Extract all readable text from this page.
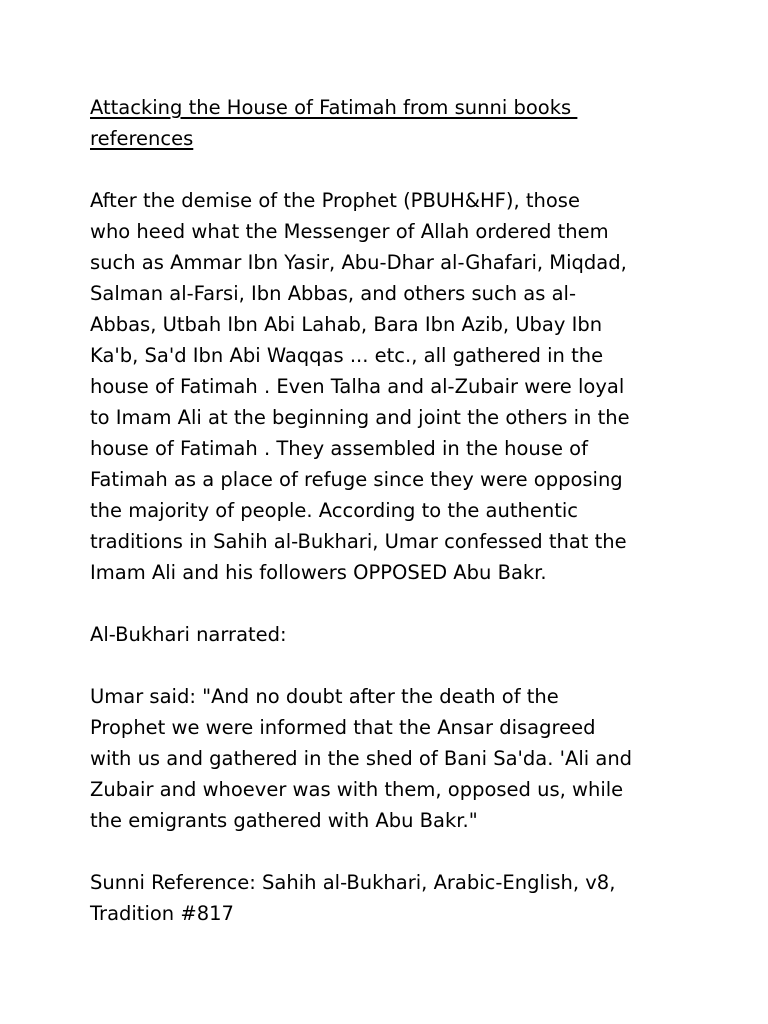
Attacking the House of Fatimah from sunni books
references

After the demise of the Prophet (PBUH&HF), those
who heed what the Messenger of Allah ordered them
such as Ammar Ibn Yasir, Abu-Dhar al-Ghafari, Miqdad,
Salman al-Farsi, Ibn Abbas, and others such as al-
Abbas, Utbah Ibn Abi Lahab, Bara Ibn Azib, Ubay Ibn
Ka'b, Sa'd Ibn Abi Waqqas ... etc., all gathered in the
house of Fatimah . Even Talha and al-Zubair were loyal
to Imam Ali at the beginning and joint the others in the
house of Fatimah . They assembled in the house of
Fatimah as a place of refuge since they were opposing
the majority of people. According to the authentic
traditions in Sahih al-Bukhari, Umar confessed that the
Imam Ali and his followers OPPOSED Abu Bakr.

Al-Bukhari narrated:

Umar said: "And no doubt after the death of the
Prophet we were informed that the Ansar disagreed
with us and gathered in the shed of Bani Sa'da. 'Ali and
Zubair and whoever was with them, opposed us, while
the emigrants gathered with Abu Bakr."

Sunni Reference: Sahih al-Bukhari, Arabic-English, v8,
Tradition #817
